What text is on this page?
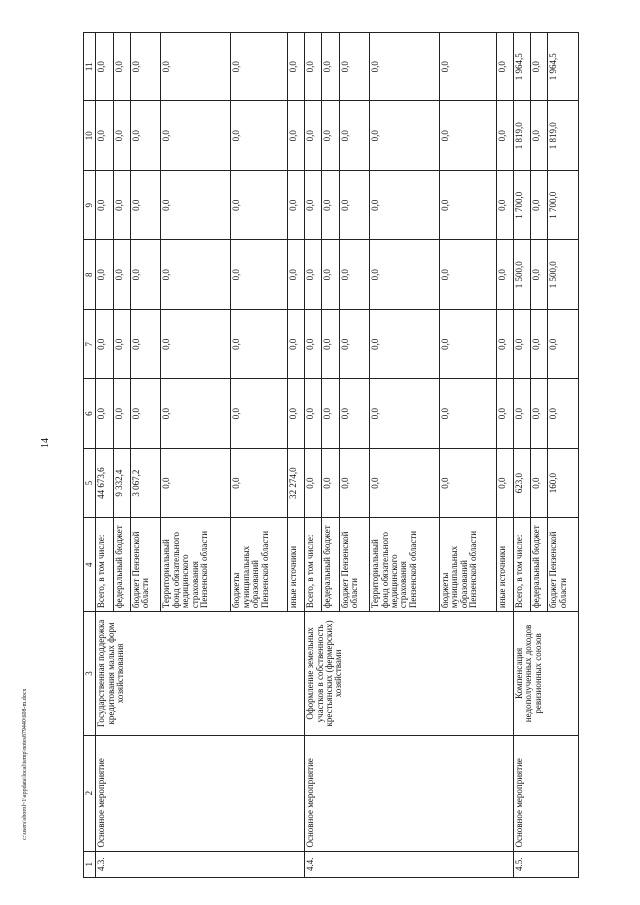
14
1	2	3	4	5	6	7	8	9	10	11
4.3.	Основное мероприятие	Государственная поддержка кредитования малых форм хозяйствования	Всего, в том числе:	44 673,6	0,0	0,0	0,0	0,0	0,0	0,0
			федеральный бюджет	9 332,4	0,0	0,0	0,0	0,0	0,0	0,0
			бюджет Пензенской области	3 067,2	0,0	0,0	0,0	0,0	0,0	0,0
			Территориальный фонд обязательного медицинского страхования Пензенской области	0,0	0,0	0,0	0,0	0,0	0,0	0,0
			бюджеты муниципальных образований Пензенской области	0,0	0,0	0,0	0,0	0,0	0,0	0,0
			иные источники	32 274,0	0,0	0,0	0,0	0,0	0,0	0,0
4.4.	Основное мероприятие	Оформление земельных участков в собственность крестьянских (фермерских) хозяйствами	Всего, в том числе:	0,0	0,0	0,0	0,0	0,0	0,0	0,0
			федеральный бюджет	0,0	0,0	0,0	0,0	0,0	0,0	0,0
			бюджет Пензенской области	0,0	0,0	0,0	0,0	0,0	0,0	0,0
			Территориальный фонд обязательного медицинского страхования Пензенской области	0,0	0,0	0,0	0,0	0,0	0,0	0,0
			бюджеты муниципальных образований Пензенской области	0,0	0,0	0,0	0,0	0,0	0,0	0,0
			иные источники	0,0	0,0	0,0	0,0	0,0	0,0	0,0
4.5.	Основное мероприятие	Компенсация недополученных доходов ревизионных союзов	Всего, в том числе:	623,0	0,0	0,0	1 500,0	1 700,0	1 819,0	1 964,5
			федеральный бюджет	0,0	0,0	0,0	0,0	0,0	0,0	0,0
			бюджет Пензенской области	160,0	0,0	0,0	1 500,0	1 700,0	1 819,0	1 964,5
c:\users\sborol~1\appdata\local\temp\notes879440\608-m.docx
